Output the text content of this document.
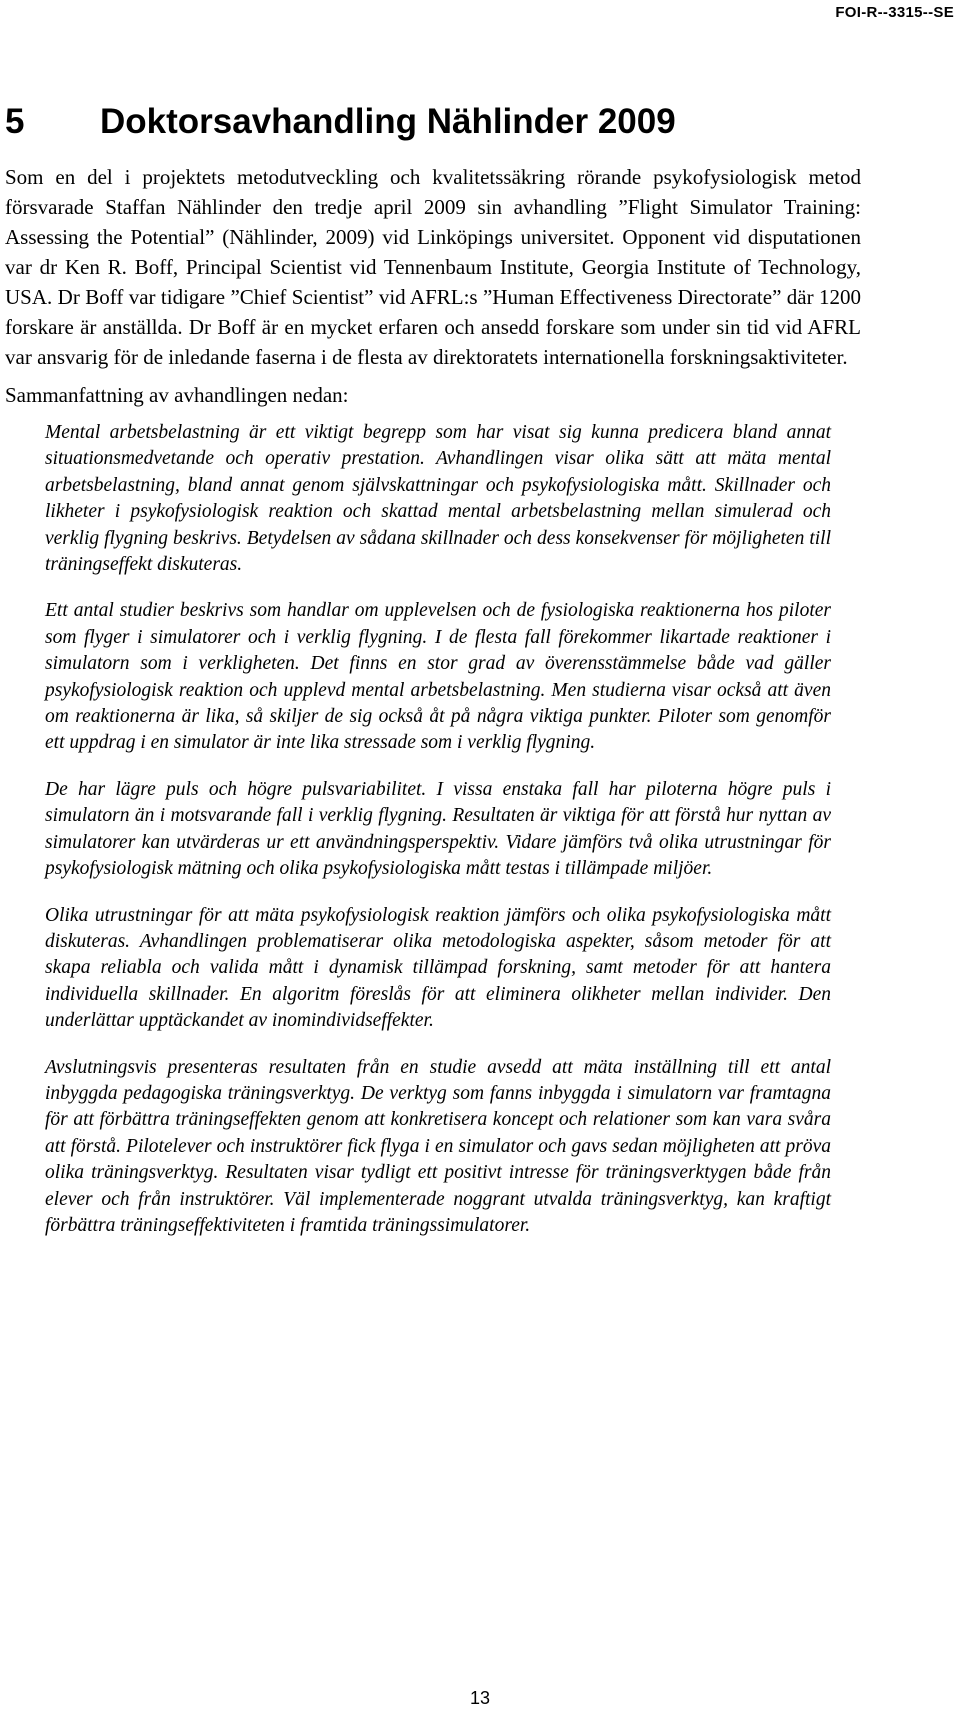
FOI-R--3315--SE
5 Doktorsavhandling Nählinder 2009

Som en del i projektets metodutveckling och kvalitetssäkring rörande psykofysiologisk metod försvarade Staffan Nählinder den tredje april 2009 sin avhandling ”Flight Simulator Training: Assessing the Potential” (Nählinder, 2009) vid Linköpings universitet. Opponent vid disputationen var dr Ken R. Boff, Principal Scientist vid Tennenbaum Institute, Georgia Institute of Technology, USA. Dr Boff var tidigare ”Chief Scientist” vid AFRL:s ”Human Effectiveness Directorate” där 1200 forskare är anställda. Dr Boff är en mycket erfaren och ansedd forskare som under sin tid vid AFRL var ansvarig för de inledande faserna i de flesta av direktoratets internationella forskningsaktiviteter.

Sammanfattning av avhandlingen nedan:

Mental arbetsbelastning är ett viktigt begrepp som har visat sig kunna predicera bland annat situationsmedvetande och operativ prestation. Avhandlingen visar olika sätt att mäta mental arbetsbelastning, bland annat genom självskattningar och psykofysiologiska mått. Skillnader och likheter i psykofysiologisk reaktion och skattad mental arbetsbelastning mellan simulerad och verklig flygning beskrivs. Betydelsen av sådana skillnader och dess konsekvenser för möjligheten till träningseffekt diskuteras.

Ett antal studier beskrivs som handlar om upplevelsen och de fysiologiska reaktionerna hos piloter som flyger i simulatorer och i verklig flygning. I de flesta fall förekommer likartade reaktioner i simulatorn som i verkligheten. Det finns en stor grad av överensstämmelse både vad gäller psykofysiologisk reaktion och upplevd mental arbetsbelastning. Men studierna visar också att även om reaktionerna är lika, så skiljer de sig också åt på några viktiga punkter. Piloter som genomför ett uppdrag i en simulator är inte lika stressade som i verklig flygning.

De har lägre puls och högre pulsvariabilitet. I vissa enstaka fall har piloterna högre puls i simulatorn än i motsvarande fall i verklig flygning. Resultaten är viktiga för att förstå hur nyttan av simulatorer kan utvärderas ur ett användningsperspektiv. Vidare jämförs två olika utrustningar för psykofysiologisk mätning och olika psykofysiologiska mått testas i tillämpade miljöer.

Olika utrustningar för att mäta psykofysiologisk reaktion jämförs och olika psykofysiologiska mått diskuteras. Avhandlingen problematiserar olika metodologiska aspekter, såsom metoder för att skapa reliabla och valida mått i dynamisk tillämpad forskning, samt metoder för att hantera individuella skillnader. En algoritm föreslås för att eliminera olikheter mellan individer. Den underlättar upptäckandet av inomindividseffekter.

Avslutningsvis presenteras resultaten från en studie avsedd att mäta inställning till ett antal inbyggda pedagogiska träningsverktyg. De verktyg som fanns inbyggda i simulatorn var framtagna för att förbättra träningseffekten genom att konkretisera koncept och relationer som kan vara svåra att förstå. Pilotelever och instruktörer fick flyga i en simulator och gavs sedan möjligheten att pröva olika träningsverktyg. Resultaten visar tydligt ett positivt intresse för träningsverktygen både från elever och från instruktörer. Väl implementerade noggrant utvalda träningsverktyg, kan kraftigt förbättra träningseffektiviteten i framtida träningssimulatorer.

13
